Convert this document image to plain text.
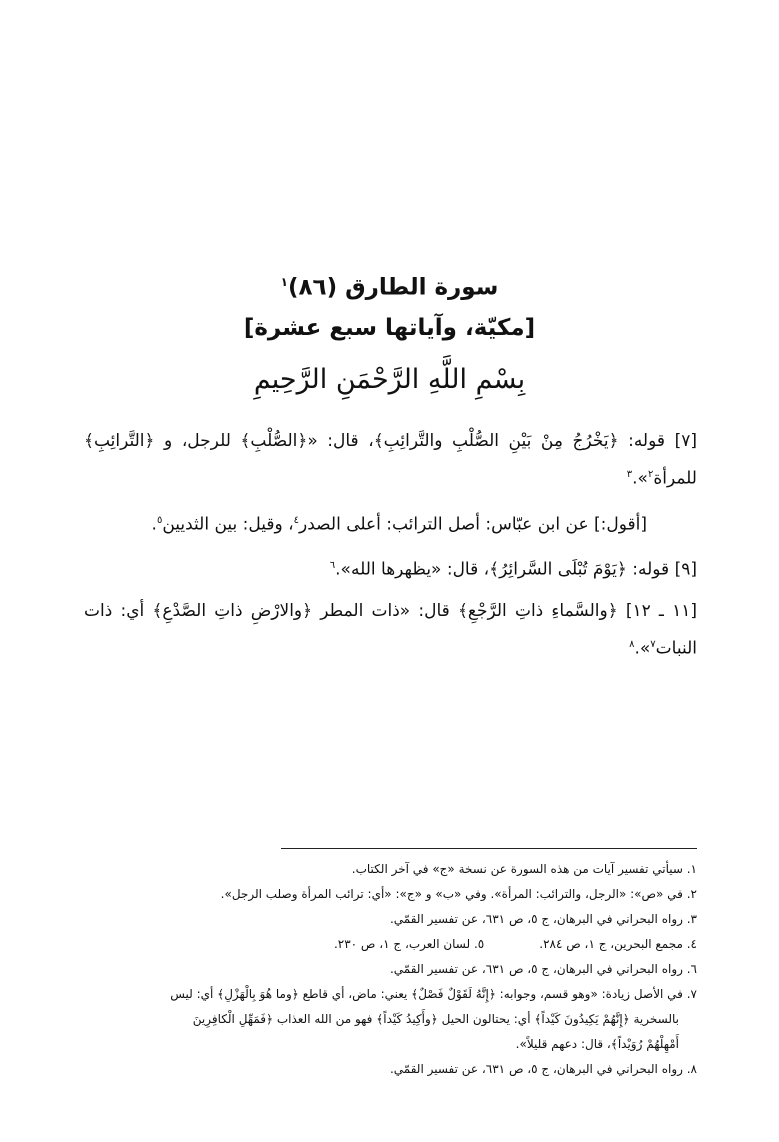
سورة الطارق (٨٦)$^١$
[مكيّة، وآياتها سبع عشرة]
بِسْمِ اللَّهِ الرَّحْمَنِ الرَّحِيمِ

[٧] قوله: ﴿يَخْرُجُ مِنْ بَيْنِ الصُّلْبِ والتَّرائِبِ﴾، قال: «﴿الصُّلْبِ﴾ للرجل، و ﴿التَّرائِبِ﴾ للمرأة$^٢$».$^٣$

[أقول:] عن ابن عبّاس: أصل الترائب: أعلى الصدر$^٤$، وقيل: بين الثديين$^٥$.

[٩] قوله: ﴿يَوْمَ تُبْلَى السَّرائِرُ﴾، قال: «يظهرها الله».$^٦$

[١١ ـ ١٢] ﴿والسَّماءِ ذاتِ الرَّجْعِ﴾ قال: «ذات المطر ﴿والارْضِ ذاتِ الصَّدْعِ﴾ أي: ذات النبات$^٧$».$^٨$

١. سيأتي تفسير آيات من هذه السورة عن نسخة «ج» في آخر الكتاب.

٢. في «ص»: «الرجل، والترائب: المرأة». وفي «ب» و «ج»: «أي: ترائب المرأة وصلب الرجل».

٣. رواه البحراني في البرهان، ج ٥، ص ٦٣١، عن تفسير القمّي.

٤. مجمع البحرين، ج ١، ص ٢٨٤.
٥. لسان العرب، ج ١، ص ٢٣٠.

٦. رواه البحراني في البرهان، ج ٥، ص ٦٣١، عن تفسير القمّي.

٧. في الأصل زيادة: «وهو قسم، وجوابه: ﴿إِنَّهُ لَقَوْلٌ فَصْلٌ﴾ يعني: ماض، أي قاطع ﴿وما هُوَ بِالْهَزْلِ﴾ أي: ليس

بالسخرية ﴿إِنَّهُمْ يَكِيدُونَ كَيْداً﴾ أي: يحتالون الحيل ﴿وأَكِيدُ كَيْداً﴾ فهو من الله العذاب ﴿فَمَهِّلِ الْكافِرِينَ

أَمْهِلْهُمْ رُوَيْداً﴾، قال: دعهم قليلاً».

٨. رواه البحراني في البرهان، ج ٥، ص ٦٣١، عن تفسير القمّي.
